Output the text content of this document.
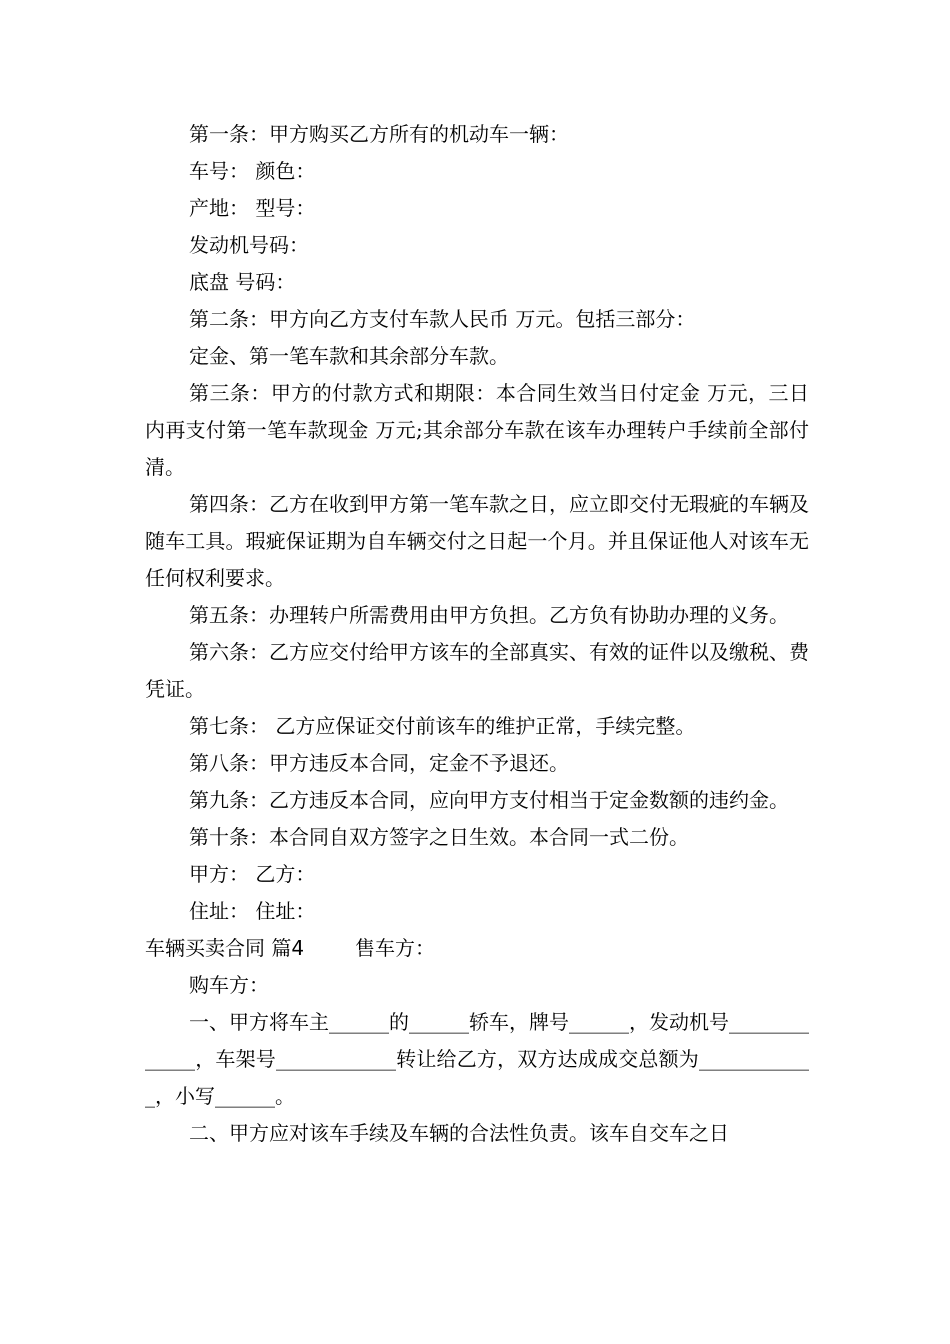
第一条：甲方购买乙方所有的机动车一辆：

车号： 颜色：

产地： 型号：

发动机号码：

底盘 号码：

第二条：甲方向乙方支付车款人民币 万元。包括三部分：

定金、第一笔车款和其余部分车款。

第三条：甲方的付款方式和期限：本合同生效当日付定金 万元，三日内再支付第一笔车款现金 万元;其余部分车款在该车办理转户手续前全部付清。

第四条：乙方在收到甲方第一笔车款之日，应立即交付无瑕疵的车辆及随车工具。瑕疵保证期为自车辆交付之日起一个月。并且保证他人对该车无任何权利要求。

第五条：办理转户所需费用由甲方负担。乙方负有协助办理的义务。

第六条：乙方应交付给甲方该车的全部真实、有效的证件以及缴税、费凭证。

第七条： 乙方应保证交付前该车的维护正常，手续完整。

第八条：甲方违反本合同，定金不予退还。

第九条：乙方违反本合同，应向甲方支付相当于定金数额的违约金。

第十条：本合同自双方签字之日生效。本合同一式二份。

甲方： 乙方：

住址： 住址：

车辆买卖合同 篇4	售车方：

购车方：

一、甲方将车主______的______轿车，牌号______，发动机号_____________，车架号____________转让给乙方，双方达成成交总额为____________，小写______。

二、甲方应对该车手续及车辆的合法性负责。该车自交车之日
